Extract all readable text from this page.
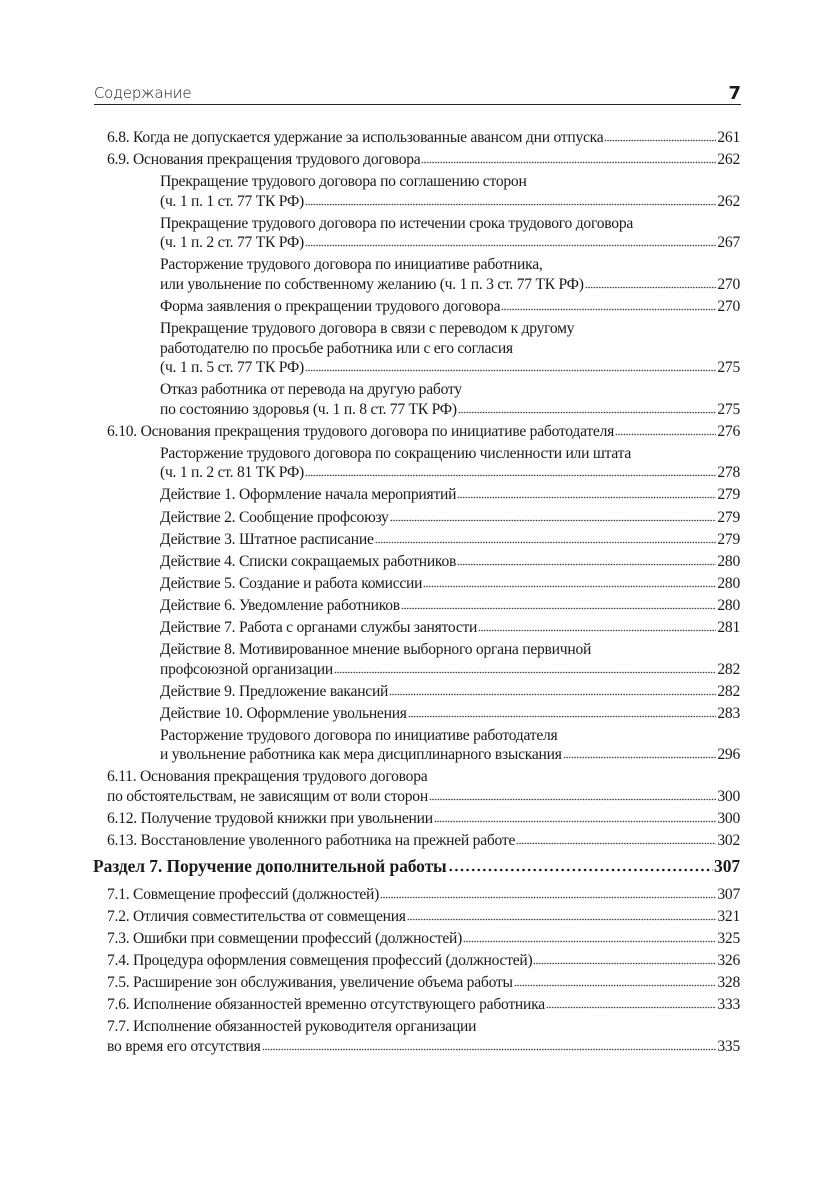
Содержание	7
6.8. Когда не допускается удержание за использованные авансом дни отпуска	261
6.9. Основания прекращения трудового договора	262
Прекращение трудового договора по соглашению сторон
(ч. 1 п. 1 ст. 77 ТК РФ)	262
Прекращение трудового договора по истечении срока трудового договора
(ч. 1 п. 2 ст. 77 ТК РФ)	267
Расторжение трудового договора по инициативе работника,
или увольнение по собственному желанию (ч. 1 п. 3 ст. 77 ТК РФ)	270
Форма заявления о прекращении трудового договора	270
Прекращение трудового договора в связи с переводом к другому
работодателю по просьбе работника или с его согласия
(ч. 1 п. 5 ст. 77 ТК РФ)	275
Отказ работника от перевода на другую работу
по состоянию здоровья (ч. 1 п. 8 ст. 77 ТК РФ)	275
6.10. Основания прекращения трудового договора по инициативе работодателя	276
Расторжение трудового договора по сокращению численности или штата
(ч. 1 п. 2 ст. 81 ТК РФ)	278
Действие 1. Оформление начала мероприятий	279
Действие 2. Сообщение профсоюзу	279
Действие 3. Штатное расписание	279
Действие 4. Списки сокращаемых работников	280
Действие 5. Создание и работа комиссии	280
Действие 6. Уведомление работников	280
Действие 7. Работа с органами службы занятости	281
Действие 8. Мотивированное мнение выборного органа первичной
профсоюзной организации	282
Действие 9. Предложение вакансий	282
Действие 10. Оформление увольнения	283
Расторжение трудового договора по инициативе работодателя
и увольнение работника как мера дисциплинарного взыскания	296
6.11. Основания прекращения трудового договора
по обстоятельствам, не зависящим от воли сторон	300
6.12. Получение трудовой книжки при увольнении	300
6.13. Восстановление уволенного работника на прежней работе	302
Раздел 7. Поручение дополнительной работы	307
7.1. Совмещение профессий (должностей)	307
7.2. Отличия совместительства от совмещения	321
7.3. Ошибки при совмещении профессий (должностей)	325
7.4. Процедура оформления совмещения профессий (должностей)	326
7.5. Расширение зон обслуживания, увеличение объема работы	328
7.6. Исполнение обязанностей временно отсутствующего работника	333
7.7. Исполнение обязанностей руководителя организации
во время его отсутствия	335
